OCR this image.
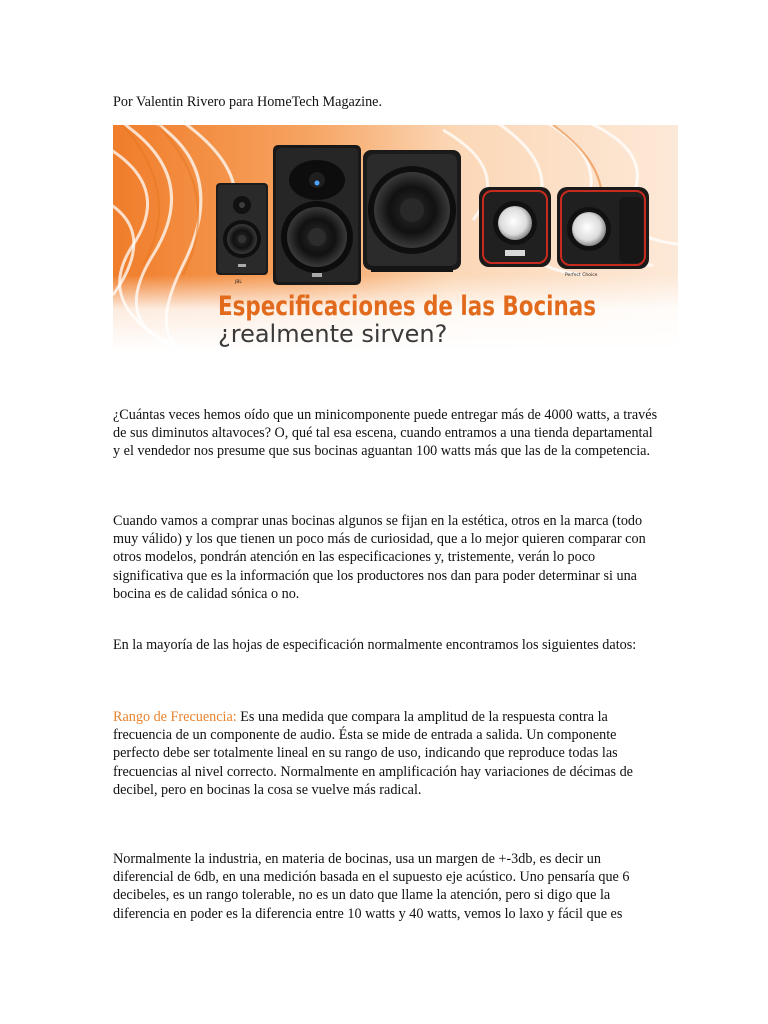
Por Valentin Rivero para HomeTech Magazine.
JBL
Perfect Choice
Especificaciones de las Bocinas
¿realmente sirven?

¿Cuántas veces hemos oído que un minicomponente puede entregar más de 4000 watts, a través de sus diminutos altavoces? O, qué tal esa escena, cuando entramos a una tienda departamental y el vendedor nos presume que sus bocinas aguantan 100 watts más que las de la competencia.

Cuando vamos a comprar unas bocinas algunos se fijan en la estética, otros en la marca (todo muy válido) y los que tienen un poco más de curiosidad, que a lo mejor quieren comparar con otros modelos, pondrán atención en las especificaciones y, tristemente, verán lo poco significativa que es la información que los productores nos dan para poder determinar si una bocina es de calidad sónica o no.

En la mayoría de las hojas de especificación normalmente encontramos los siguientes datos:

Rango de Frecuencia: Es una medida que compara la amplitud de la respuesta contra la frecuencia de un componente de audio. Ésta se mide de entrada a salida. Un componente perfecto debe ser totalmente lineal en su rango de uso, indicando que reproduce todas las frecuencias al nivel correcto. Normalmente en amplificación hay variaciones de décimas de decibel, pero en bocinas la cosa se vuelve más radical.

Normalmente la industria, en materia de bocinas, usa un margen de +-3db, es decir un diferencial de 6db, en una medición basada en el supuesto eje acústico. Uno pensaría que 6 decibeles, es un rango tolerable, no es un dato que llame la atención, pero si digo que la diferencia en poder es la diferencia entre 10 watts y 40 watts, vemos lo laxo y fácil que es
